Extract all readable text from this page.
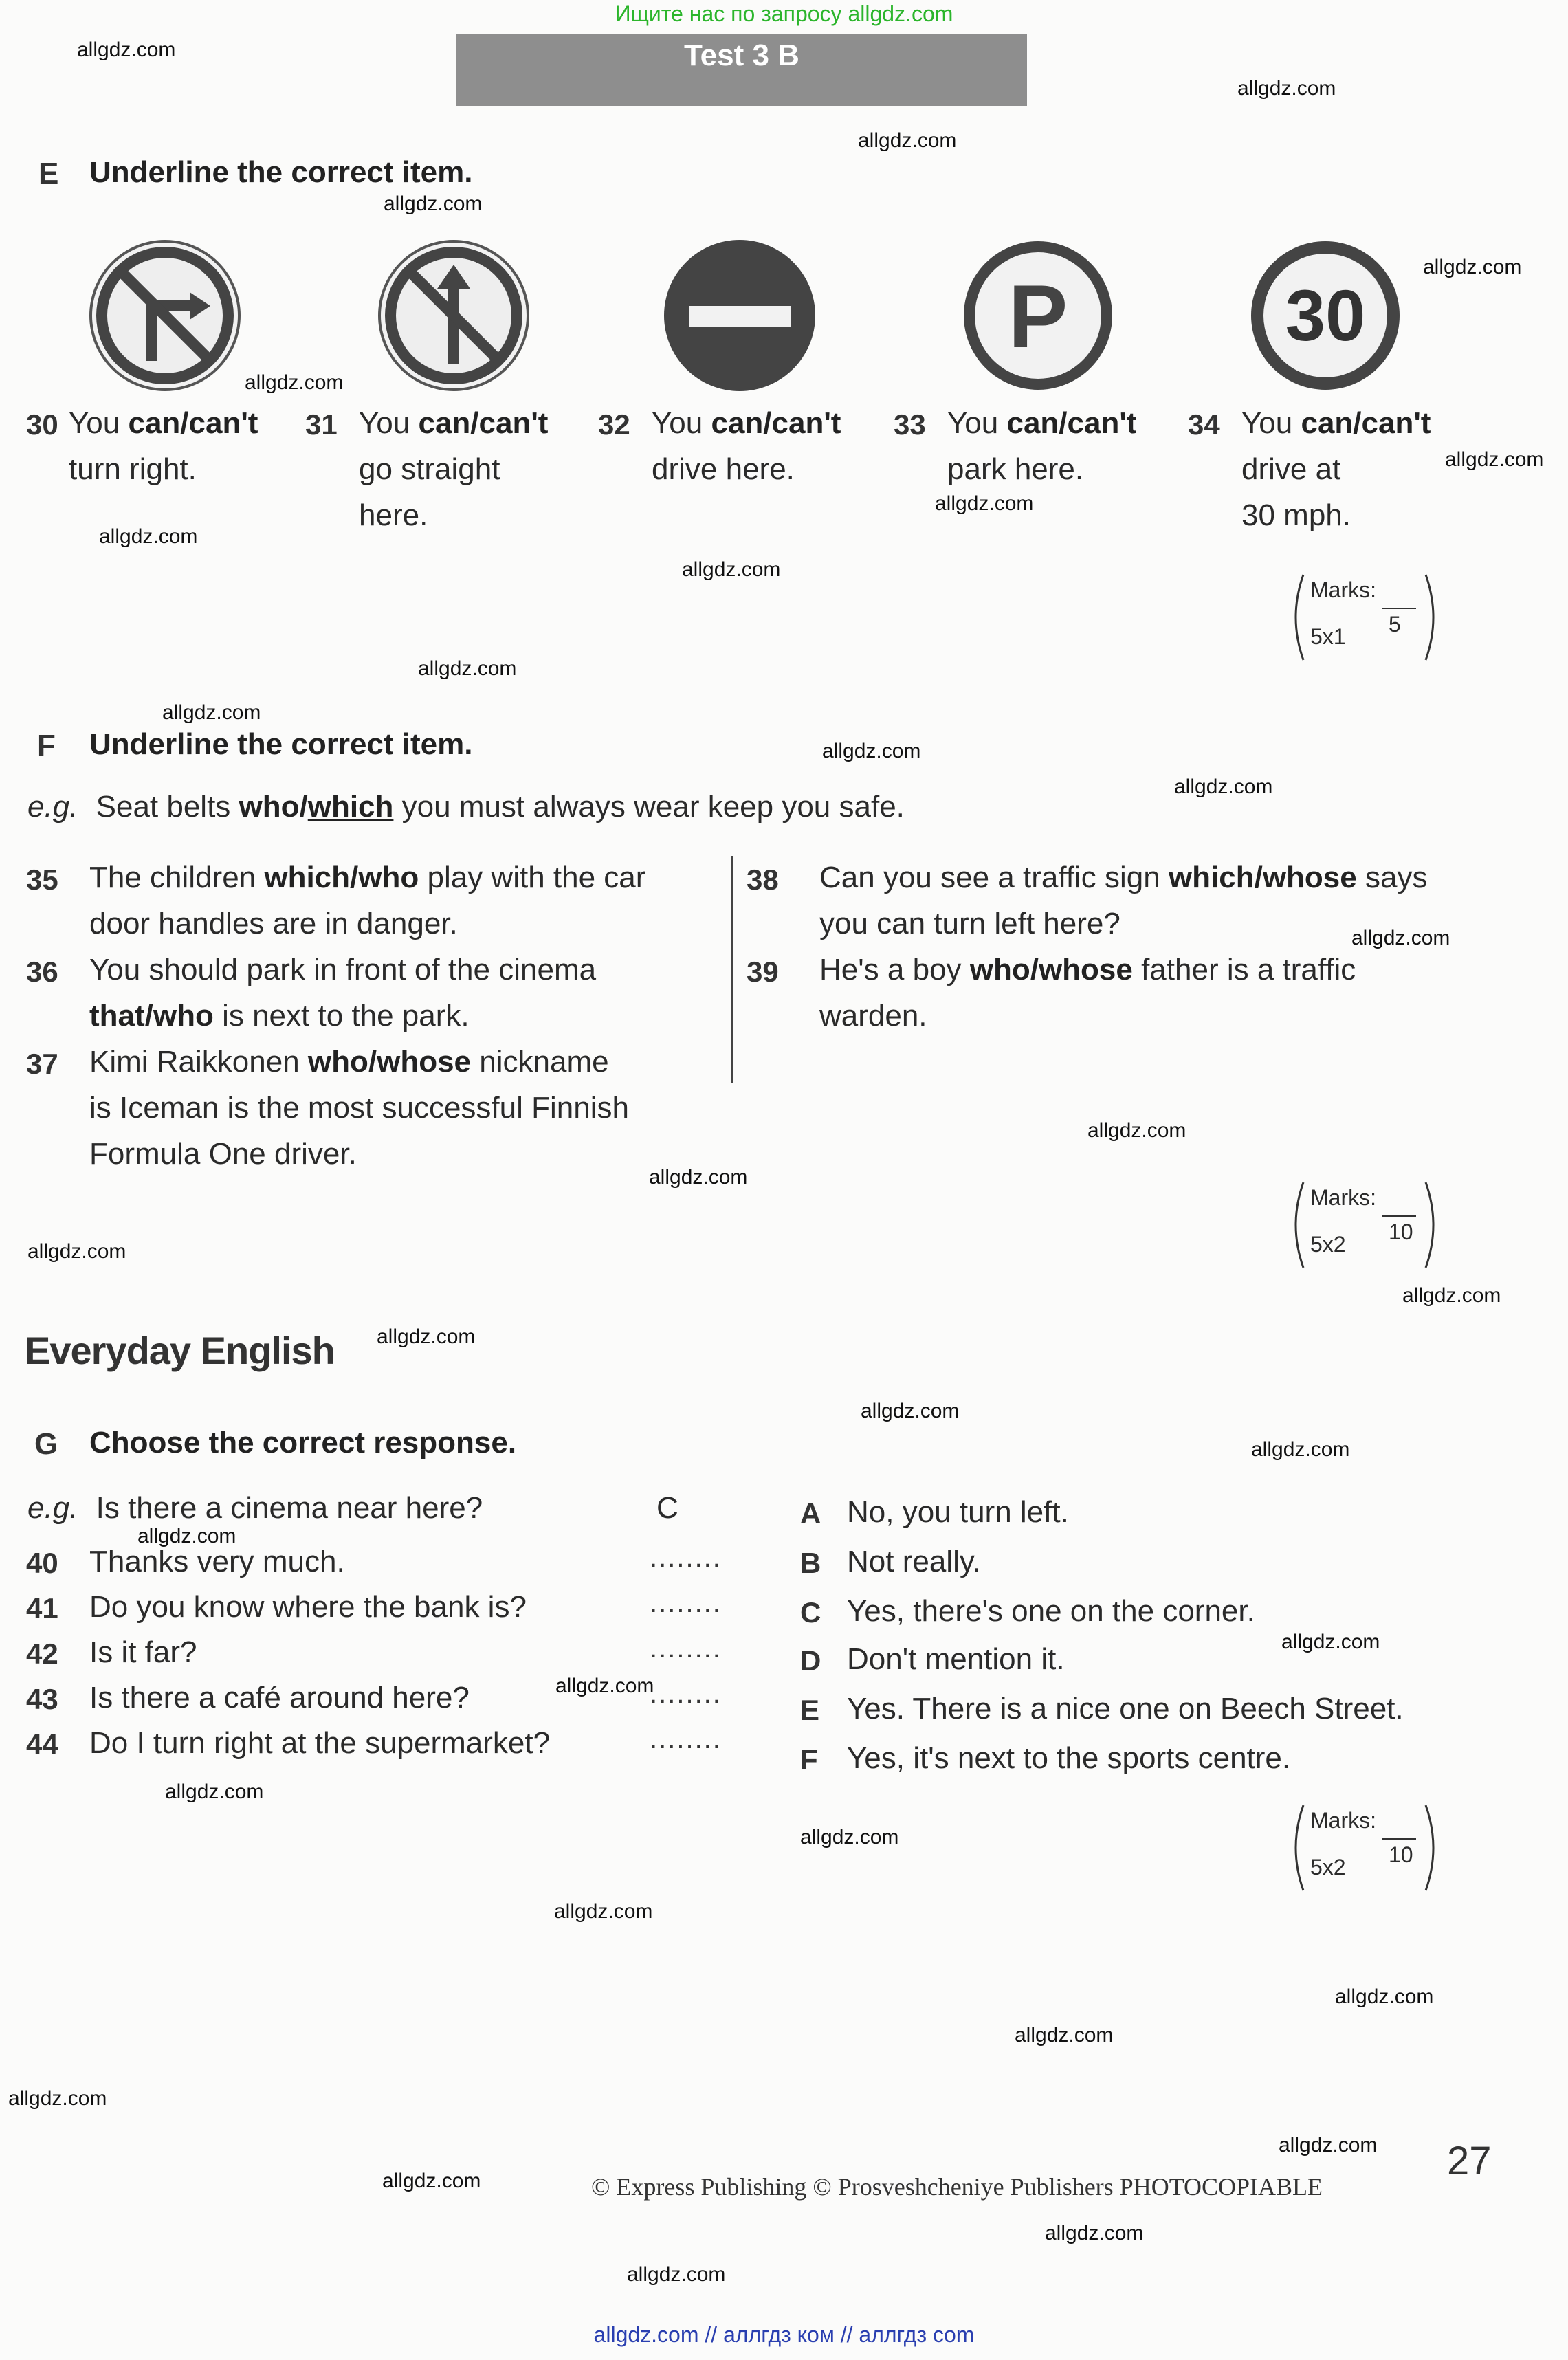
Ищите нас по запросу allgdz.com
allgdz.com // аллгдз ком // аллгдз com
Test 3 B
E Underline the correct item.
P	30
30 You can/can't
turn right.
31 You can/can't
go straight
here.
32 You can/can't
drive here.
33 You can/can't
park here.
34 You can/can't
drive at
30 mph.
Marks:
5x1 5
F Underline the correct item.
e.g. Seat belts who/which you must always wear keep you safe.
35 The children which/who play with the car
door handles are in danger.
36 You should park in front of the cinema
that/who is next to the park.
37 Kimi Raikkonen who/whose nickname
is Iceman is the most successful Finnish
Formula One driver.
38 Can you see a traffic sign which/whose says
you can turn left here?
39 He's a boy who/whose father is a traffic
warden.
Marks:
5x2 10
Everyday English
G Choose the correct response.
e.g. Is there a cinema near here?	C
40 Thanks very much.	........
41 Do you know where the bank is?	........
42 Is it far?	........
43 Is there a café around here?	........
44 Do I turn right at the supermarket?	........
A No, you turn left.
B Not really.
C Yes, there's one on the corner.
D Don't mention it.
E Yes. There is a nice one on Beech Street.
F Yes, it's next to the sports centre.
Marks:
5x2 10
© Express Publishing © Prosveshcheniye Publishers PHOTOCOPIABLE
27
allgdz.com
allgdz.com
allgdz.com
allgdz.com
allgdz.com
allgdz.com
allgdz.com
allgdz.com
allgdz.com
allgdz.com
allgdz.com
allgdz.com
allgdz.com
allgdz.com
allgdz.com
allgdz.com
allgdz.com
allgdz.com
allgdz.com
allgdz.com
allgdz.com
allgdz.com
allgdz.com
allgdz.com
allgdz.com
allgdz.com
allgdz.com
allgdz.com
allgdz.com
allgdz.com
allgdz.com
allgdz.com
allgdz.com
allgdz.com
allgdz.com
